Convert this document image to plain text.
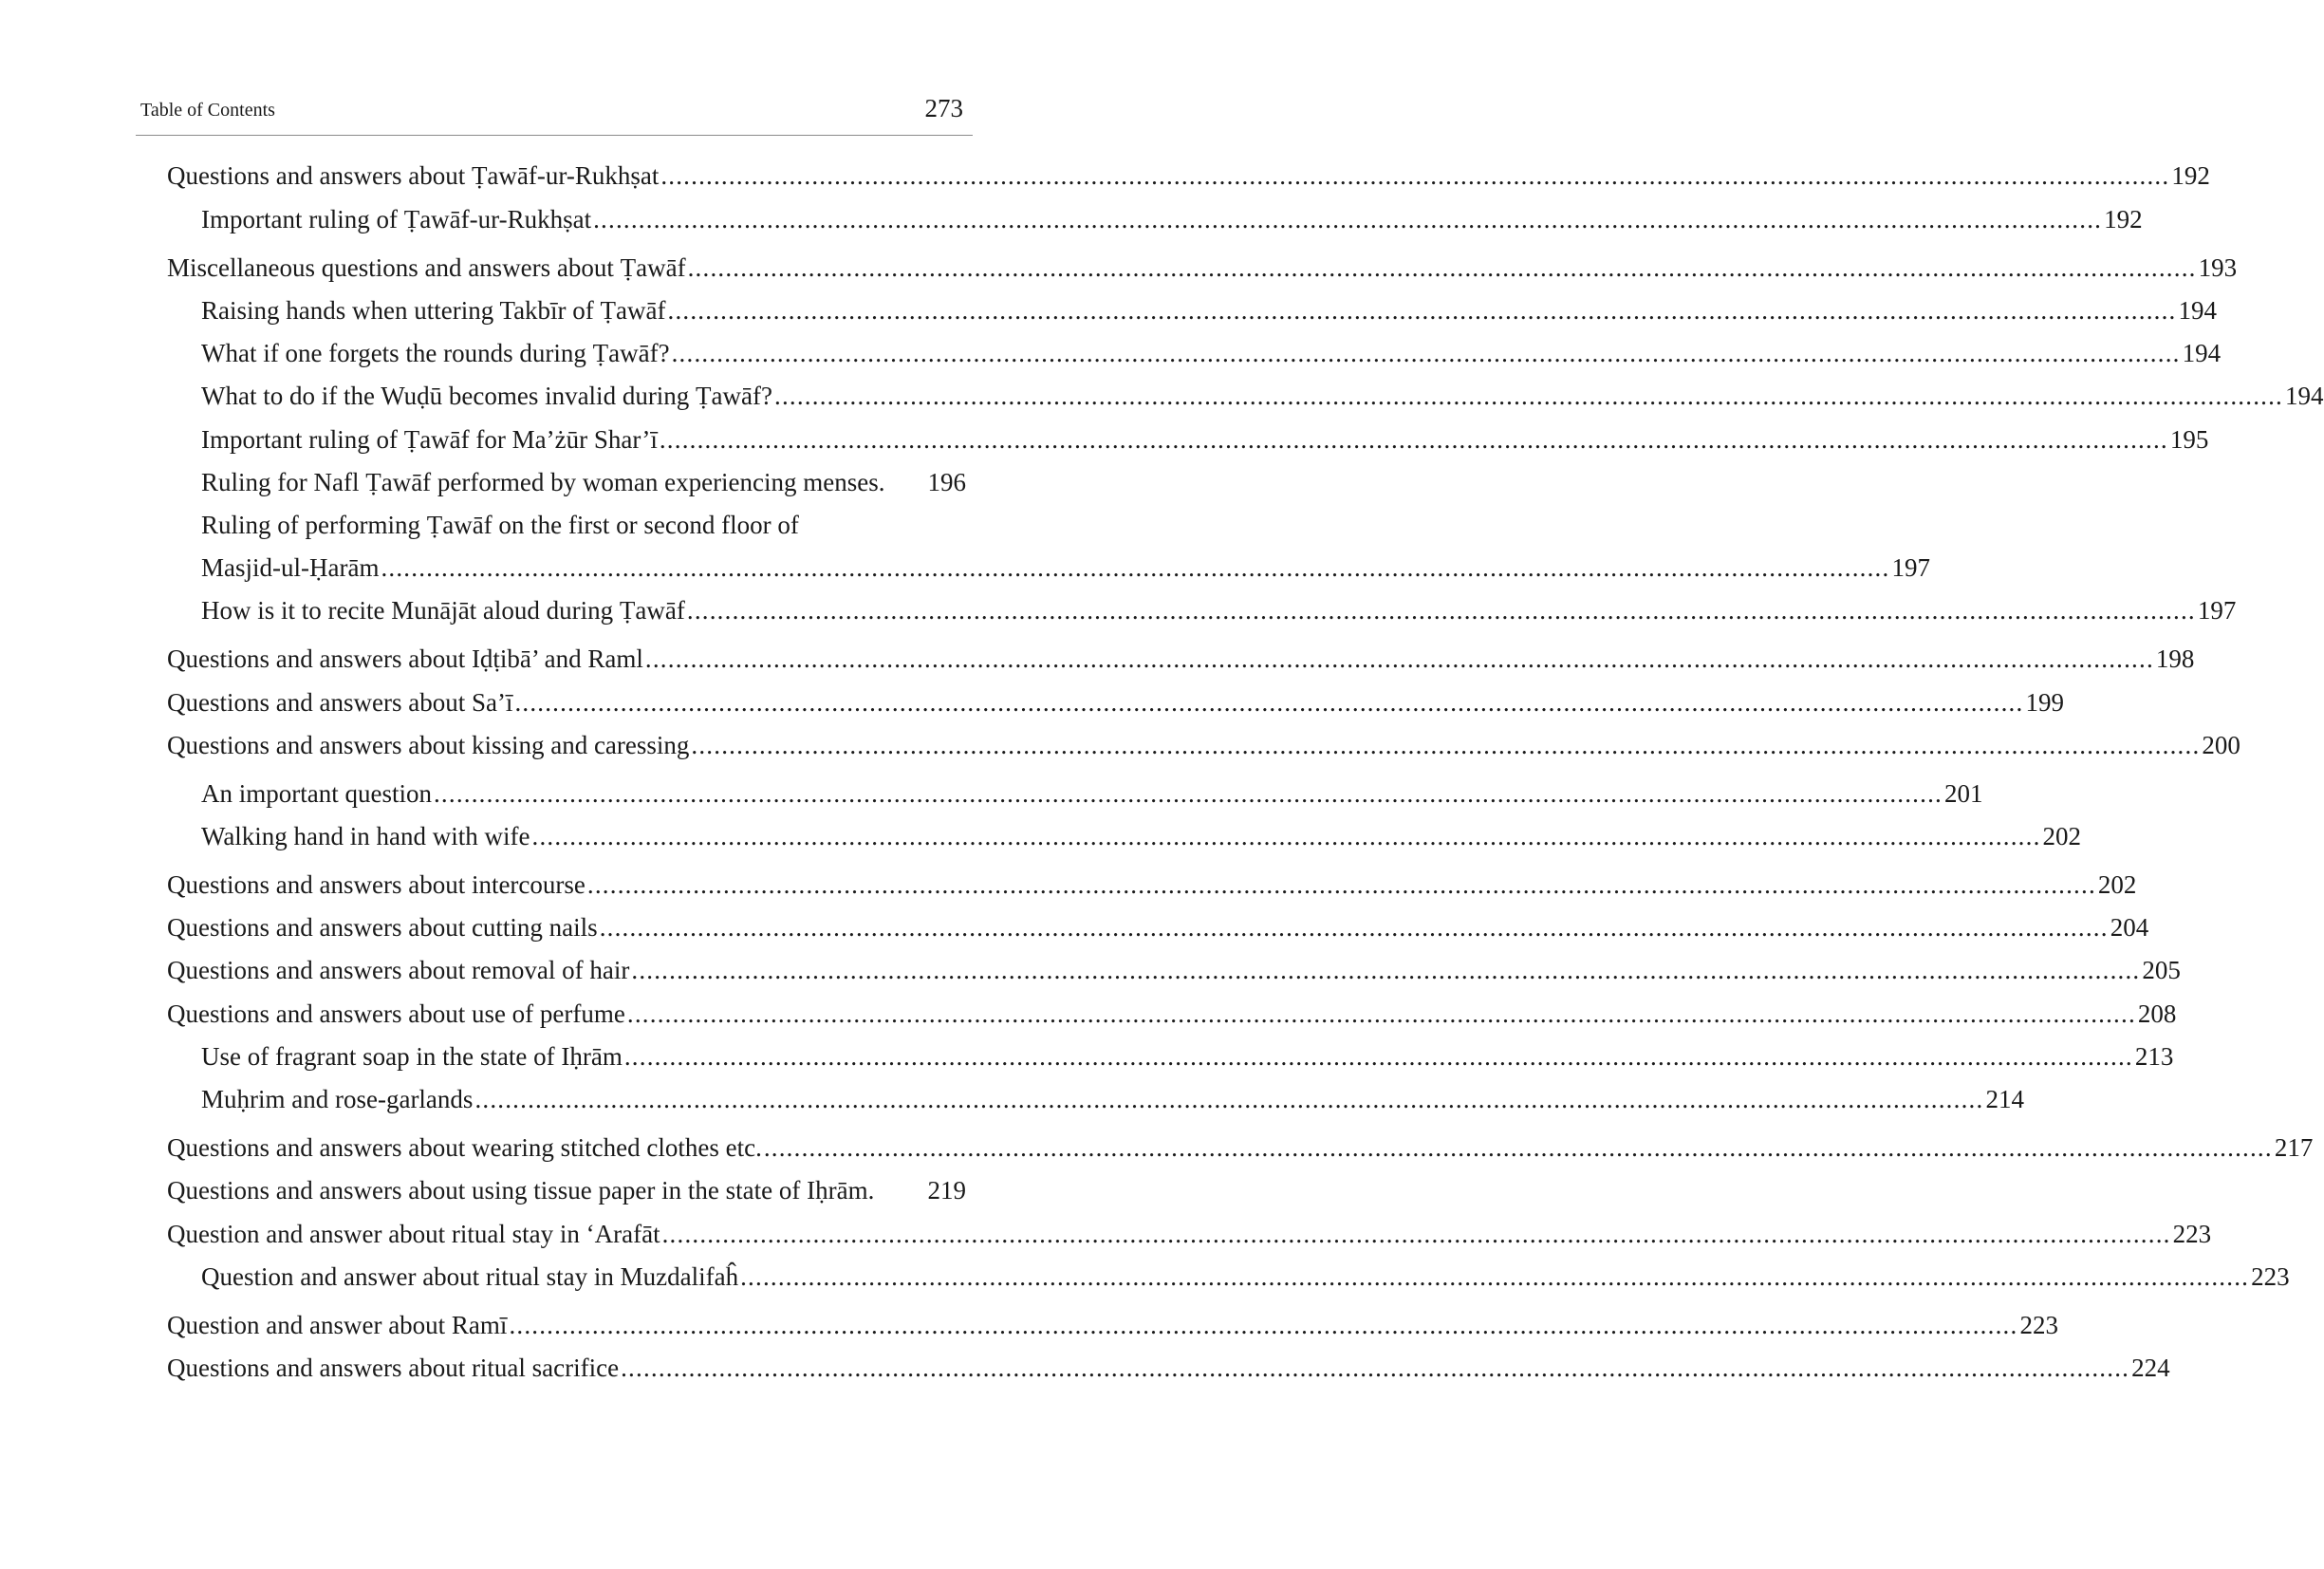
Table of Contents	273
Questions and answers about Ṭawāf-ur-Rukhṣat ........................................................................................................................................................................................................ 192
Important ruling of Ṭawāf-ur-Rukhṣat ........................................................................................................................................................................................................ 192
Miscellaneous questions and answers about Ṭawāf ........................................................................................................................................................................................................ 193
Raising hands when uttering Takbīr of Ṭawāf ........................................................................................................................................................................................................ 194
What if one forgets the rounds during Ṭawāf? ........................................................................................................................................................................................................ 194
What to do if the Wuḍū becomes invalid during Ṭawāf? ........................................................................................................................................................................................................ 194
Important ruling of Ṭawāf for Ma’żūr Shar’ī ........................................................................................................................................................................................................ 195
Ruling for Nafl Ṭawāf performed by woman experiencing menses.	196
Ruling of performing Ṭawāf on the first or second floor of
Masjid-ul-Ḥarām ........................................................................................................................................................................................................ 197
How is it to recite Munājāt aloud during Ṭawāf ........................................................................................................................................................................................................ 197
Questions and answers about Iḍṭibā’ and Raml ........................................................................................................................................................................................................ 198
Questions and answers about Sa’ī ........................................................................................................................................................................................................ 199
Questions and answers about kissing and caressing ........................................................................................................................................................................................................ 200
An important question ........................................................................................................................................................................................................ 201
Walking hand in hand with wife ........................................................................................................................................................................................................ 202
Questions and answers about intercourse ........................................................................................................................................................................................................ 202
Questions and answers about cutting nails ........................................................................................................................................................................................................ 204
Questions and answers about removal of hair ........................................................................................................................................................................................................ 205
Questions and answers about use of perfume ........................................................................................................................................................................................................ 208
Use of fragrant soap in the state of Iḥrām ........................................................................................................................................................................................................ 213
Muḥrim and rose-garlands ........................................................................................................................................................................................................ 214
Questions and answers about wearing stitched clothes etc. ........................................................................................................................................................................................................ 217
Questions and answers about using tissue paper in the state of Iḥrām.	219
Question and answer about ritual stay in ‘Arafāt ........................................................................................................................................................................................................ 223
Question and answer about ritual stay in Muzdalifaĥ ........................................................................................................................................................................................................ 223
Question and answer about Ramī ........................................................................................................................................................................................................ 223
Questions and answers about ritual sacrifice ........................................................................................................................................................................................................ 224
